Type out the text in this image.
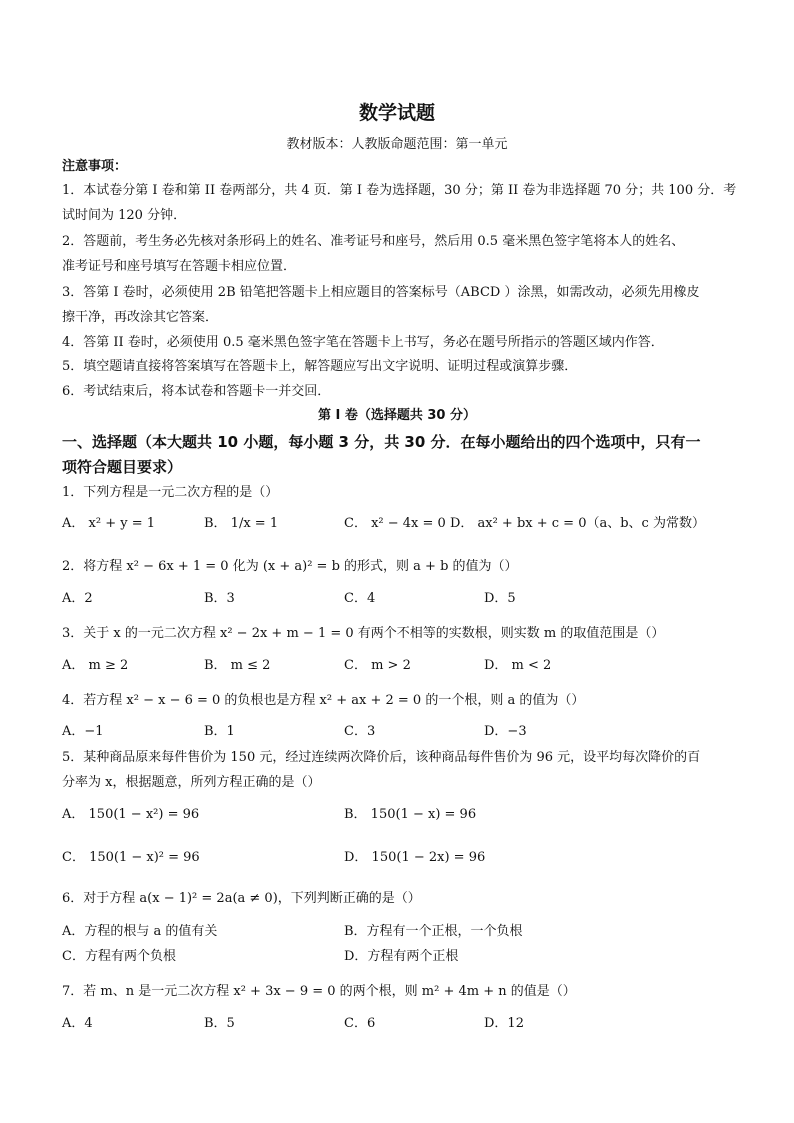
数学试题
教材版本：人教版命题范围：第一单元
注意事项：
1．本试卷分第 I 卷和第 II 卷两部分，共 4 页．第 I 卷为选择题，30 分；第 II 卷为非选择题 70 分；共 100 分．考
试时间为 120 分钟．
2．答题前，考生务必先核对条形码上的姓名、准考证号和座号，然后用 0.5 毫米黑色签字笔将本人的姓名、
准考证号和座号填写在答题卡相应位置．
3．答第 I 卷时，必须使用 2B 铅笔把答题卡上相应题目的答案标号（ABCD ）涂黑，如需改动，必须先用橡皮
擦干净，再改涂其它答案．
4．答第 II 卷时，必须使用 0.5 毫米黑色签字笔在答题卡上书写，务必在题号所指示的答题区域内作答．
5．填空题请直接将答案填写在答题卡上，解答题应写出文字说明、证明过程或演算步骤．
6．考试结束后，将本试卷和答题卡一并交回．
第 I 卷（选择题共 30 分）
一、选择题（本大题共 10 小题，每小题 3 分，共 30 分．在每小题给出的四个选项中，只有一
项符合题目要求）
1．下列方程是一元二次方程的是（）
A． x² + y = 1	B． 1/x = 1	C． x² − 4x = 0 D． ax² + bx + c = 0（a、b、c 为常数）
2．将方程 x² − 6x + 1 = 0 化为 (x + a)² = b 的形式，则 a + b 的值为（）
A．2	B．3	C．4	D．5
3．关于 x 的一元二次方程 x² − 2x + m − 1 = 0 有两个不相等的实数根，则实数 m 的取值范围是（）
A． m ≥ 2	B． m ≤ 2	C． m > 2	D． m < 2
4．若方程 x² − x − 6 = 0 的负根也是方程 x² + ax + 2 = 0 的一个根，则 a 的值为（）
A．−1	B．1	C．3	D．−3
5．某种商品原来每件售价为 150 元，经过连续两次降价后，该种商品每件售价为 96 元，设平均每次降价的百
分率为 x，根据题意，所列方程正确的是（）
A． 150(1 − x²) = 96	B． 150(1 − x) = 96
C． 150(1 − x)² = 96	D． 150(1 − 2x) = 96
6．对于方程 a(x − 1)² = 2a(a ≠ 0)，下列判断正确的是（）
A．方程的根与 a 的值有关	B．方程有一个正根，一个负根
C．方程有两个负根	D．方程有两个正根
7．若 m、n 是一元二次方程 x² + 3x − 9 = 0 的两个根，则 m² + 4m + n 的值是（）
A．4	B．5	C．6	D．12
